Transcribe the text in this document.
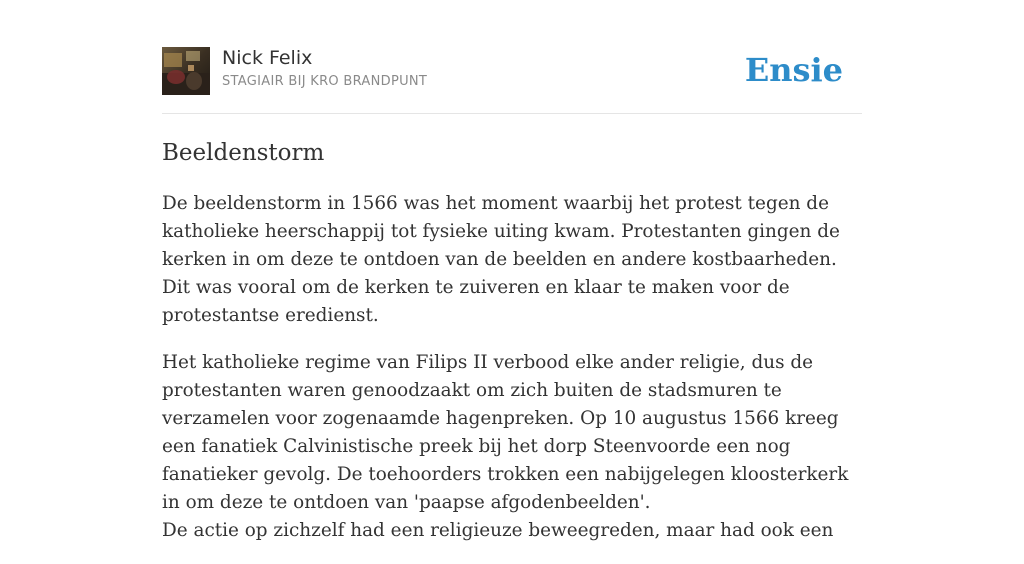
Nick Felix
STAGIAIR BIJ KRO BRANDPUNT	Ensie
Beeldenstorm

De beeldenstorm in 1566 was het moment waarbij het protest tegen de katholieke heerschappij tot fysieke uiting kwam. Protestanten gingen de kerken in om deze te ontdoen van de beelden en andere kostbaarheden. Dit was vooral om de kerken te zuiveren en klaar te maken voor de protestantse eredienst.

Het katholieke regime van Filips II verbood elke ander religie, dus de protestanten waren genoodzaakt om zich buiten de stadsmuren te verzamelen voor zogenaamde hagenpreken. Op 10 augustus 1566 kreeg een fanatiek Calvinistische preek bij het dorp Steenvoorde een nog fanatieker gevolg. De toehoorders trokken een nabijgelegen kloosterkerk in om deze te ontdoen van 'paapse afgodenbeelden'.
De actie op zichzelf had een religieuze beweegreden, maar had ook een
